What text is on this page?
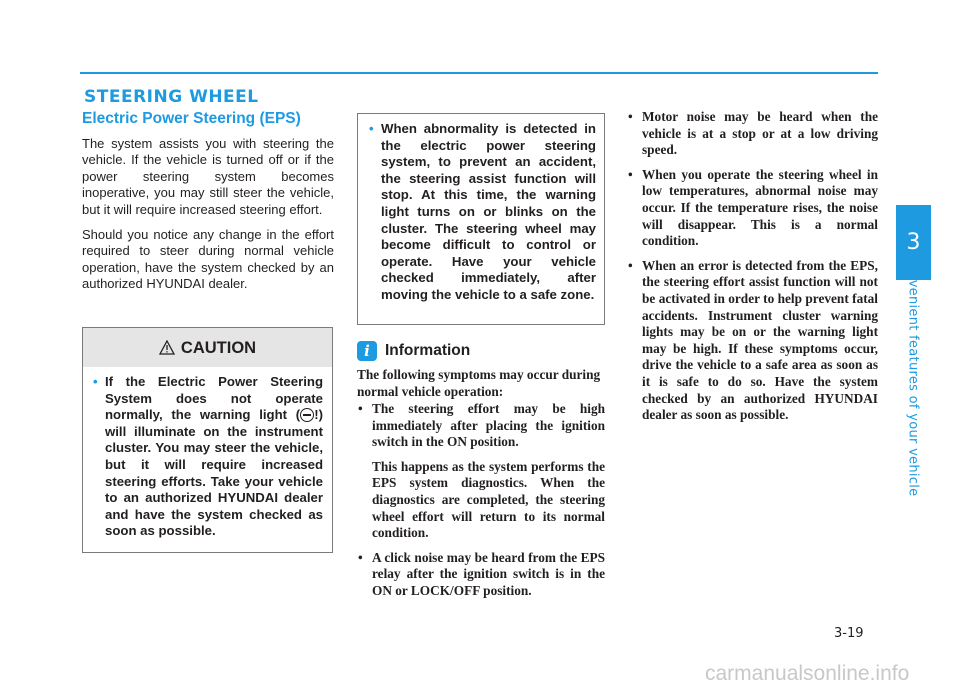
STEERING WHEEL
Electric Power Steering (EPS)

The system assists you with steering the vehicle. If the vehicle is turned off or if the power steering system becomes inoperative, you may still steer the vehicle, but it will require increased steering effort.

Should you notice any change in the effort required to steer during normal vehicle operation, have the system checked by an authorized HYUNDAI dealer.

CAUTION
• If the Electric Power Steering System does not operate normally, the warning light ( !) will illuminate on the instrument cluster. You may steer the vehicle, but it will require increased steering efforts. Take your vehicle to an authorized HYUNDAI dealer and have the system checked as soon as possible.
• When abnormality is detected in the electric power steering system, to prevent an accident, the steering assist function will stop. At this time, the warning light turns on or blinks on the cluster. The steering wheel may become difficult to control or operate. Have your vehicle checked immediately, after moving the vehicle to a safe zone.
i Information
The following symptoms may occur during normal vehicle operation:
• The steering effort may be high immediately after placing the ignition switch in the ON position.

This happens as the system performs the EPS system diagnostics. When the diagnostics are completed, the steering wheel effort will return to its normal condition.

• A click noise may be heard from the EPS relay after the ignition switch is in the ON or LOCK/OFF position.

• Motor noise may be heard when the vehicle is at a stop or at a low driving speed.

• When you operate the steering wheel in low temperatures, abnormal noise may occur. If the temperature rises, the noise will disappear. This is a normal condition.

• When an error is detected from the EPS, the steering effort assist function will not be activated in order to help prevent fatal accidents. Instrument cluster warning lights may be on or the warning light may be high. If these symptoms occur, drive the vehicle to a safe area as soon as it is safe to do so. Have the system checked by an authorized HYUNDAI dealer as soon as possible.

3
Convenient features of your vehicle
3-19
carmanualsonline.info
